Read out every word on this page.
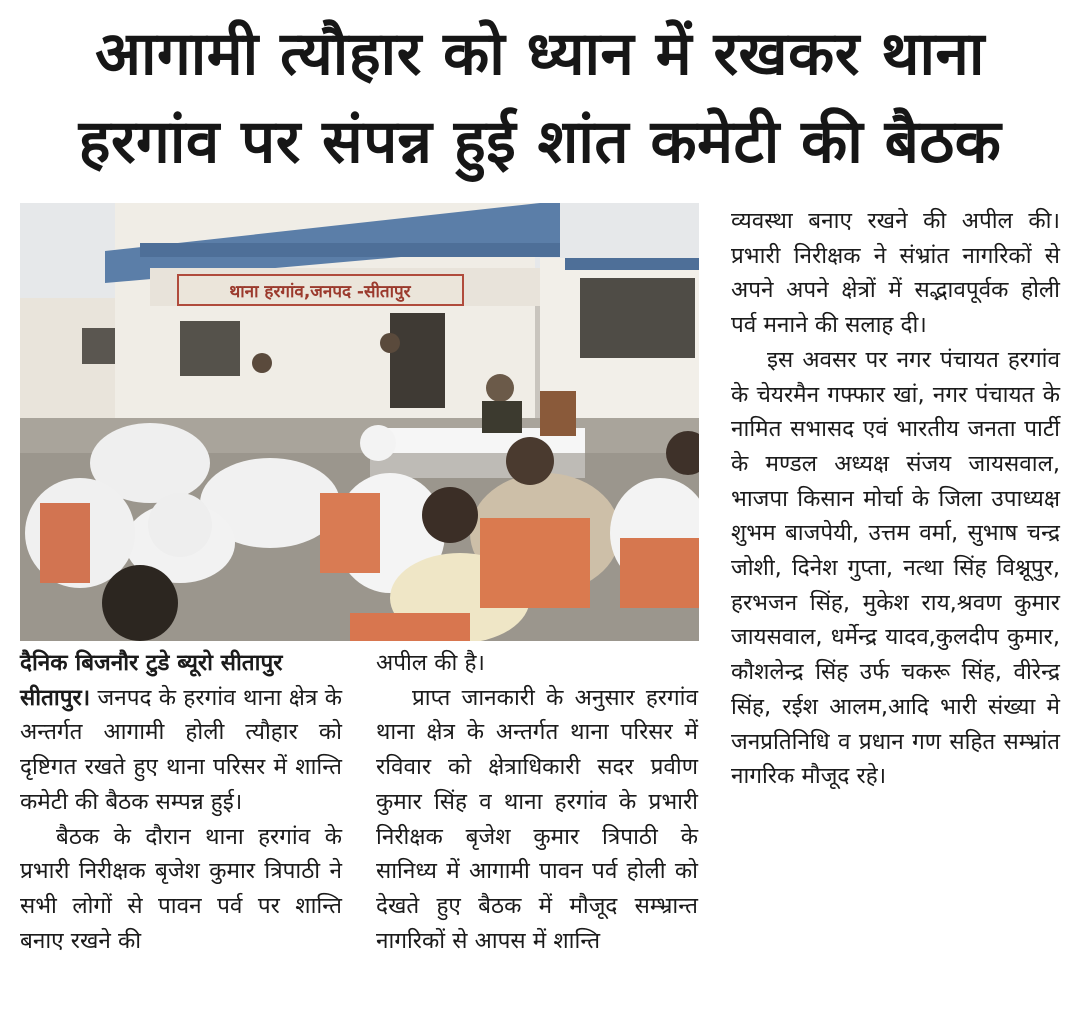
आगामी त्यौहार को ध्यान में रखकर थाना
हरगांव पर संपन्न हुई शांत कमेटी की बैठक
थाना हरगांव,जनपद -सीतापुर

दैनिक बिजनौर टुडे ब्यूरो सीतापुर

सीतापुर। जनपद के हरगांव थाना क्षेत्र के अन्तर्गत आगामी होली त्यौहार को दृष्टिगत रखते हुए थाना परिसर में शान्ति कमेटी की बैठक सम्पन्न हुई।

बैठक के दौरान थाना हरगांव के प्रभारी निरीक्षक बृजेश कुमार त्रिपाठी ने सभी लोगों से पावन पर्व पर शान्ति बनाए रखने की

अपील की है।

प्राप्त जानकारी के अनुसार हरगांव थाना क्षेत्र के अन्तर्गत थाना परिसर में रविवार को क्षेत्राधिकारी सदर प्रवीण कुमार सिंह व थाना हरगांव के प्रभारी निरीक्षक बृजेश कुमार त्रिपाठी के सानिध्य में आगामी पावन पर्व होली को देखते हुए बैठक में मौजूद सम्भ्रान्त नागरिकों से आपस में शान्ति

व्यवस्था बनाए रखने की अपील की। प्रभारी निरीक्षक ने संभ्रांत नागरिकों से अपने अपने क्षेत्रों में सद्भावपूर्वक होली पर्व मनाने की सलाह दी।

इस अवसर पर नगर पंचायत हरगांव के चेयरमैन गफ्फार खां, नगर पंचायत के नामित सभासद एवं भारतीय जनता पार्टी के मण्डल अध्यक्ष संजय जायसवाल, भाजपा किसान मोर्चा के जिला उपाध्यक्ष शुभम बाजपेयी, उत्तम वर्मा, सुभाष चन्द्र जोशी, दिनेश गुप्ता, नत्था सिंह विश्नूपुर, हरभजन सिंह, मुकेश राय,श्रवण कुमार जायसवाल, धर्मेन्द्र यादव,कुलदीप कुमार, कौशलेन्द्र सिंह उर्फ चकरू सिंह, वीरेन्द्र सिंह, रईश आलम,आदि भारी संख्या मे जनप्रतिनिधि व प्रधान गण सहित सम्भ्रांत नागरिक मौजूद रहे।
